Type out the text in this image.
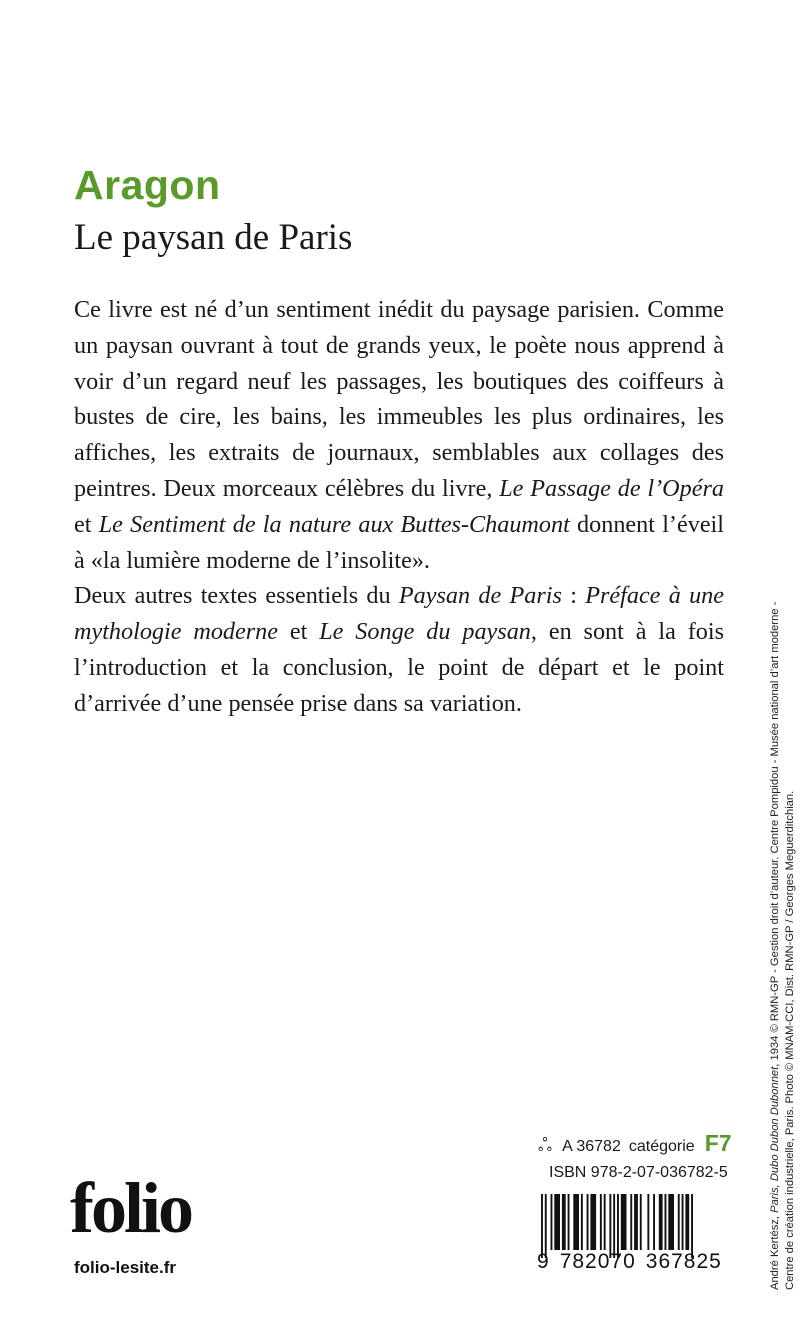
Aragon
Le paysan de Paris

Ce livre est né d’un sentiment inédit du paysage parisien. Comme un paysan ouvrant à tout de grands yeux, le poète nous apprend à voir d’un regard neuf les passages, les boutiques des coiffeurs à bustes de cire, les bains, les immeubles les plus ordinaires, les affiches, les extraits de journaux, semblables aux collages des peintres. Deux morceaux célèbres du livre, Le Passage de l’Opéra et Le Sentiment de la nature aux Buttes-Chaumont donnent l’éveil à «la lumière moderne de l’insolite».

Deux autres textes essentiels du Paysan de Paris : Préface à une mythologie moderne et Le Songe du paysan, en sont à la fois l’introduction et la conclusion, le point de départ et le point d’arrivée d’une pensée prise dans sa variation.

André Kertész, Paris, Dubo Dubon Dubonnet, 1934 © RMN-GP - Gestion droit d’auteur. Centre Pompidou - Musée national d’art moderne - Centre de création industrielle, Paris. Photo © MNAM-CCI, Dist. RMN-GP / Georges Meguerditchian.
folio
folio-lesite.fr
ஃ A 36782 catégorie F7
ISBN 978-2-07-036782-5
9 782070 367825
